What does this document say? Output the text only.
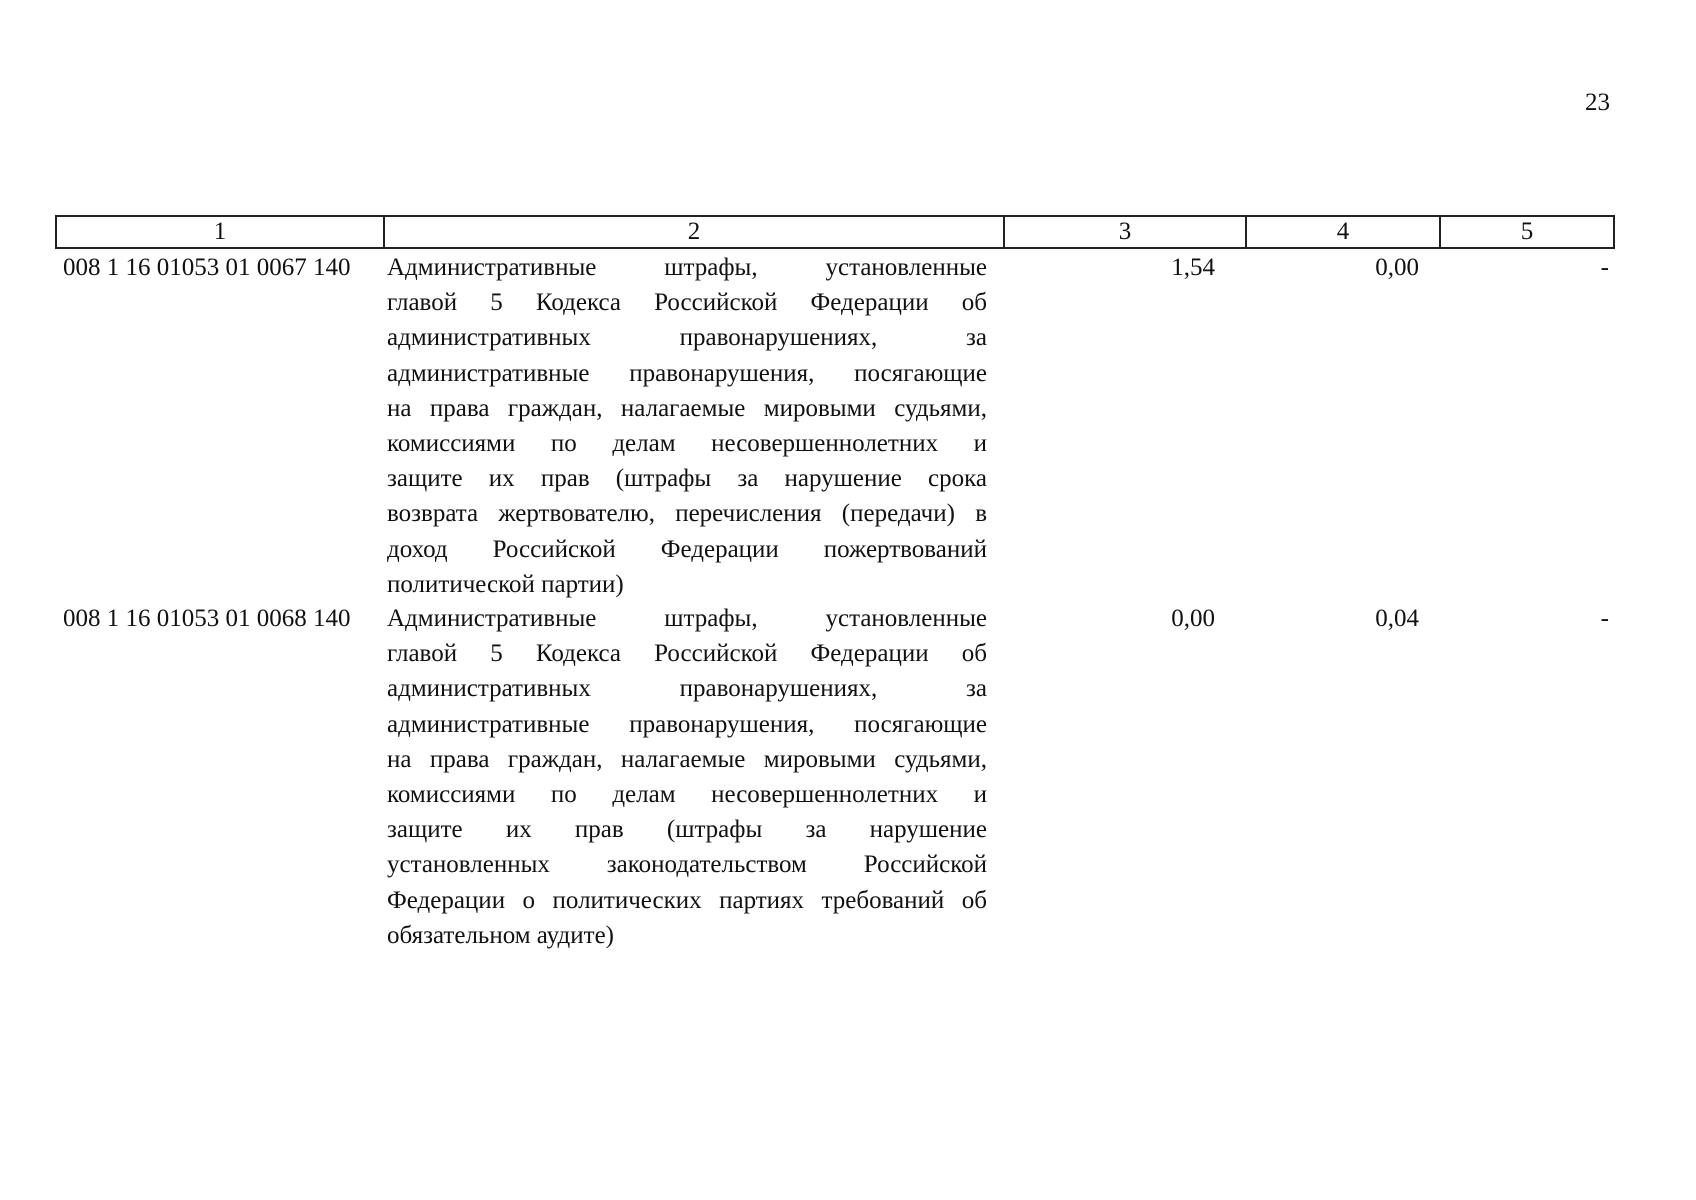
23
1	2	3	4	5
008 1 16 01053 01 0067 140	Административные штрафы, установленные
главой 5 Кодекса Российской Федерации об
административных правонарушениях, за
административные правонарушения, посягающие
на права граждан, налагаемые мировыми судьями,
комиссиями по делам несовершеннолетних и
защите их прав (штрафы за нарушение срока
возврата жертвователю, перечисления (передачи) в
доход Российской Федерации пожертвований
политической партии)
1,54	0,00	-
008 1 16 01053 01 0068 140	Административные штрафы, установленные
главой 5 Кодекса Российской Федерации об
административных правонарушениях, за
административные правонарушения, посягающие
на права граждан, налагаемые мировыми судьями,
комиссиями по делам несовершеннолетних и
защите их прав (штрафы за нарушение
установленных законодательством Российской
Федерации о политических партиях требований об
обязательном аудите)
0,00	0,04	-
